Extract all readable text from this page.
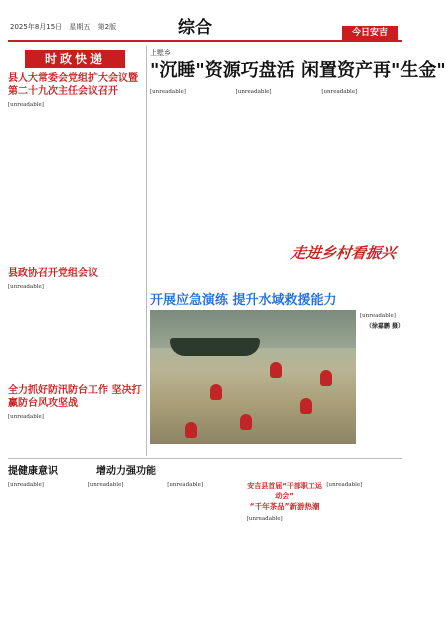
2025年8月15日 星期五 第2版	综合	今日安吉
时政快递
县人大常委会党组扩大会议暨第二十九次主任会议召开
[unreadable]
县政协召开党组会议
[unreadable]
全力抓好防汛防台工作 坚决打赢防台风攻坚战
[unreadable]
上墅乡
"沉睡"资源巧盘活 闲置资产再"生金"
[unreadable]	[unreadable]	[unreadable]
走进乡村看振兴
开展应急演练 提升水域救援能力
[unreadable]
（徐嘉鹏 摄）
提健康意识	增动力强功能
[unreadable]	[unreadable]	[unreadable]	安吉县首届“干部职工运动会”
“千年茶品”新游热潮
[unreadable]
[unreadable]
